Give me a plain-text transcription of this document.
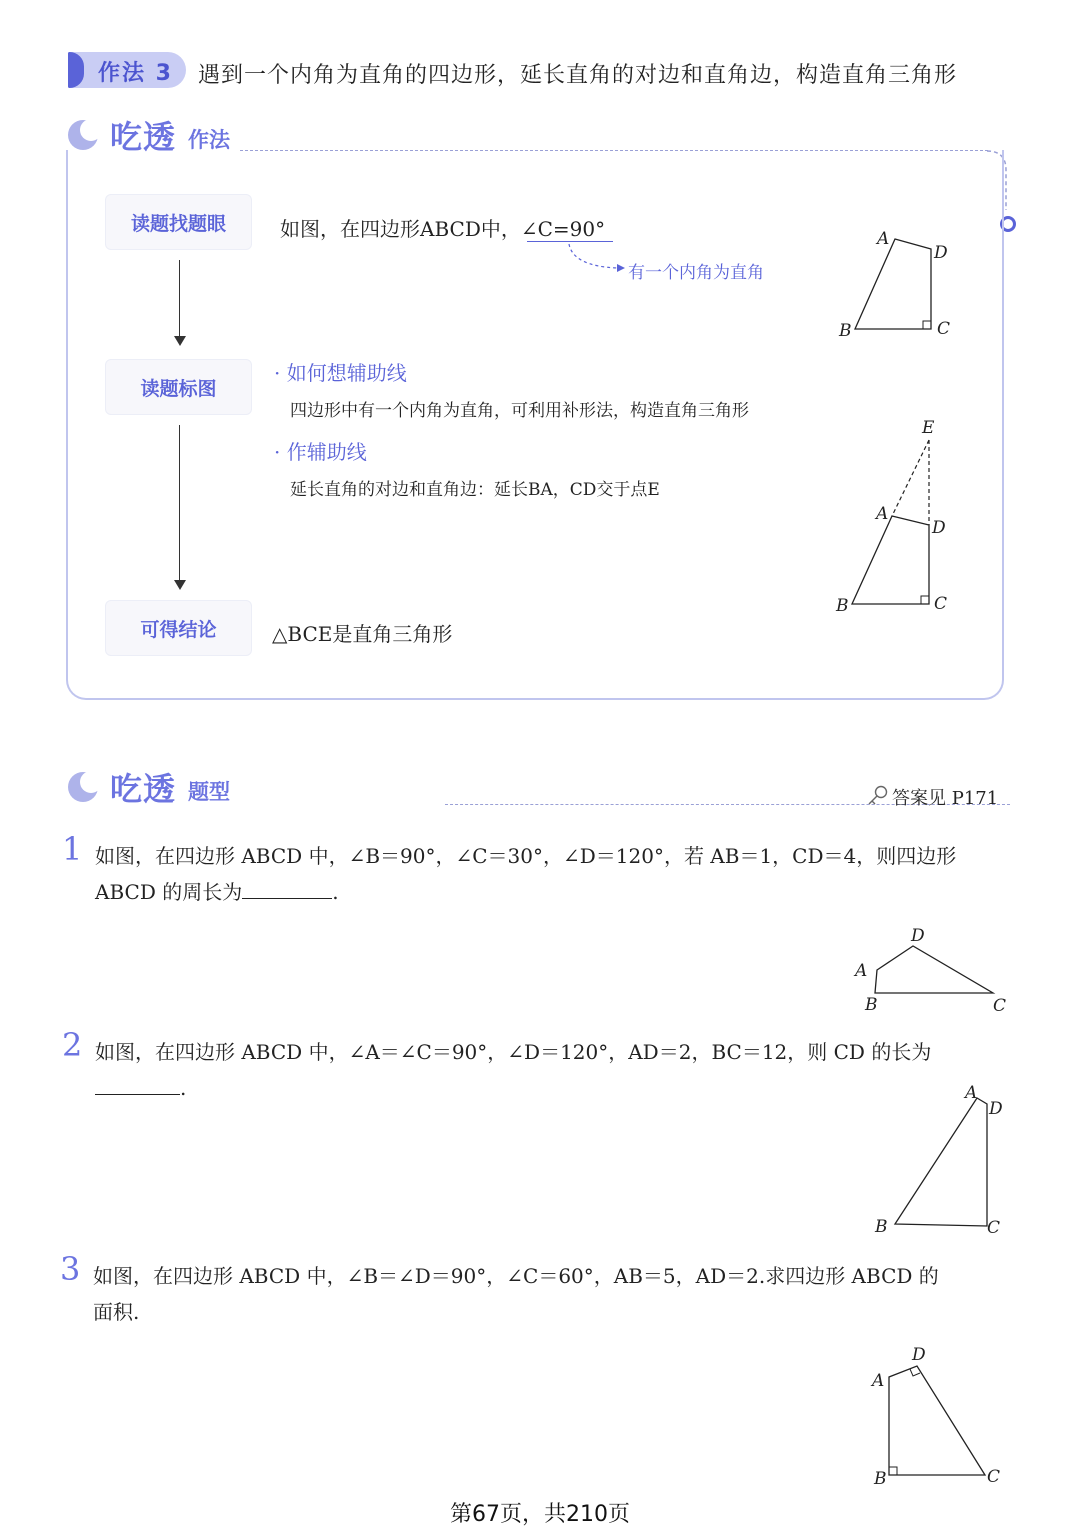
作法 3 遇到一个内角为直角的四边形，延长直角的对边和直角边，构造直角三角形
吃透 作法
读题找题眼
读题标图
可得结论
如图，在四边形ABCD中，∠C=90°
有一个内角为直角
A
D
B	C
· 如何想辅助线
四边形中有一个内角为直角，可利用补形法，构造直角三角形
· 作辅助线
延长直角的对边和直角边：延长BA，CD交于点E
E
A
D
B	C
△BCE是直角三角形
吃透 题型	答案见 P171
1 如图，在四边形 ABCD 中，∠B＝90°，∠C＝30°，∠D＝120°，若 AB＝1，CD＝4，则四边形
ABCD 的周长为	.
D
A
B	C
2 如图，在四边形 ABCD 中，∠A＝∠C＝90°，∠D＝120°，AD＝2，BC＝12，则 CD 的长为.	A
D
B	C
3 如图，在四边形 ABCD 中，∠B＝∠D＝90°，∠C＝60°，AB＝5，AD＝2.求四边形 ABCD 的
面积.
D
A
B	C
第67页，共210页
